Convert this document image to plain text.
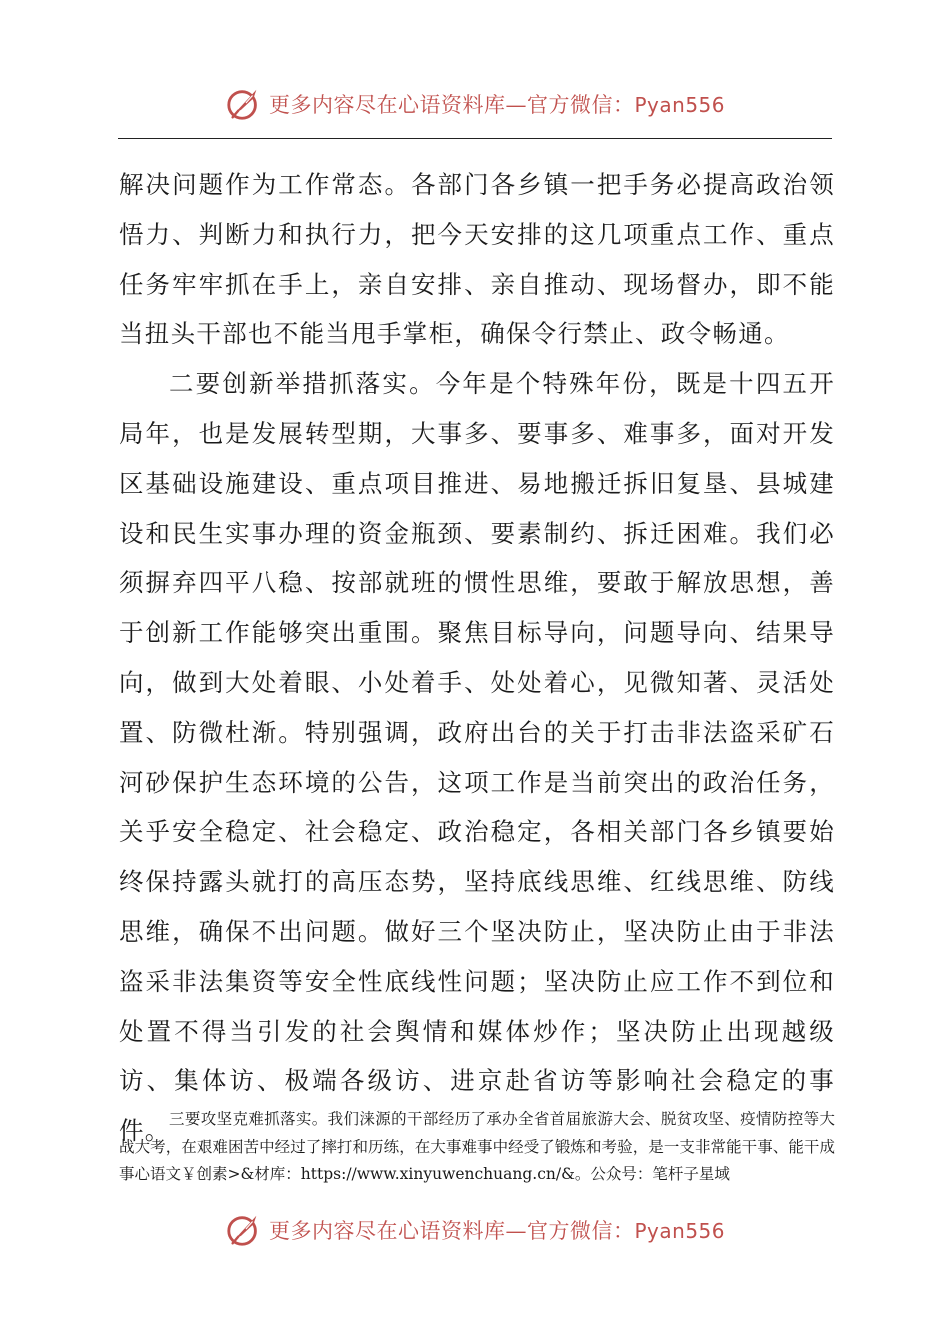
更多内容尽在心语资料库—官方微信：Pyan556

解决问题作为工作常态。各部门各乡镇一把手务必提高政治领悟力、判断力和执行力，把今天安排的这几项重点工作、重点任务牢牢抓在手上，亲自安排、亲自推动、现场督办，即不能当扭头干部也不能当甩手掌柜，确保令行禁止、政令畅通。

二要创新举措抓落实。今年是个特殊年份，既是十四五开局年，也是发展转型期，大事多、要事多、难事多，面对开发区基础设施建设、重点项目推进、易地搬迁拆旧复垦、县城建设和民生实事办理的资金瓶颈、要素制约、拆迁困难。我们必须摒弃四平八稳、按部就班的惯性思维，要敢于解放思想，善于创新工作能够突出重围。聚焦目标导向，问题导向、结果导向，做到大处着眼、小处着手、处处着心，见微知著、灵活处置、防微杜渐。特别强调，政府出台的关于打击非法盗采矿石河砂保护生态环境的公告，这项工作是当前突出的政治任务，关乎安全稳定、社会稳定、政治稳定，各相关部门各乡镇要始终保持露头就打的高压态势，坚持底线思维、红线思维、防线思维，确保不出问题。做好三个坚决防止，坚决防止由于非法盗采非法集资等安全性底线性问题；坚决防止应工作不到位和处置不得当引发的社会舆情和媒体炒作；坚决防止出现越级访、集体访、极端各级访、进京赴省访等影响社会稳定的事件。

三要攻坚克难抓落实。我们涞源的干部经历了承办全省首届旅游大会、脱贫攻坚、疫情防控等大战大考，在艰难困苦中经过了摔打和历练，在大事难事中经受了锻炼和考验，是一支非常能干事、能干成事心语文￥创素>&材库：https://www.xinyuwenchuang.cn/&。公众号：笔杆子星域

更多内容尽在心语资料库—官方微信：Pyan556
